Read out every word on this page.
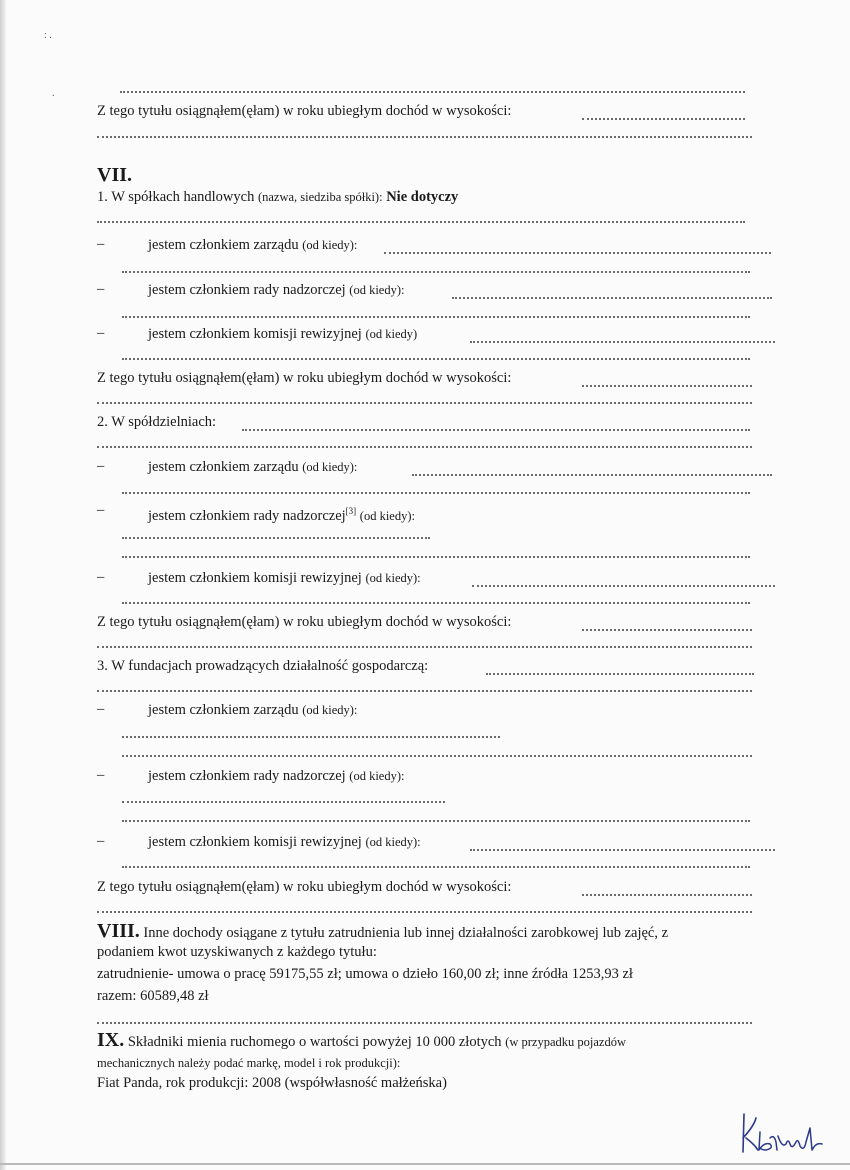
: .
.
Z tego tytułu osiągnąłem(ęłam) w roku ubiegłym dochód w wysokości:
VII.
1. W spółkach handlowych (nazwa, siedziba spółki): Nie dotyczy
–	jestem członkiem zarządu (od kiedy):
–	jestem członkiem rady nadzorczej (od kiedy):
–	jestem członkiem komisji rewizyjnej (od kiedy)
Z tego tytułu osiągnąłem(ęłam) w roku ubiegłym dochód w wysokości:
2. W spółdzielniach:
–	jestem członkiem zarządu (od kiedy):
–	jestem członkiem rady nadzorczej[3] (od kiedy):
–	jestem członkiem komisji rewizyjnej (od kiedy):
Z tego tytułu osiągnąłem(ęłam) w roku ubiegłym dochód w wysokości:
3. W fundacjach prowadzących działalność gospodarczą:
–	jestem członkiem zarządu (od kiedy):
–	jestem członkiem rady nadzorczej (od kiedy):
–	jestem członkiem komisji rewizyjnej (od kiedy):
Z tego tytułu osiągnąłem(ęłam) w roku ubiegłym dochód w wysokości:
VIII. Inne dochody osiągane z tytułu zatrudnienia lub innej działalności zarobkowej lub zajęć, z
podaniem kwot uzyskiwanych z każdego tytułu:
zatrudnienie- umowa o pracę 59175,55 zł; umowa o dzieło 160,00 zł; inne źródła 1253,93 zł
razem: 60589,48 zł
IX. Składniki mienia ruchomego o wartości powyżej 10 000 złotych (w przypadku pojazdów
mechanicznych należy podać markę, model i rok produkcji):
Fiat Panda, rok produkcji: 2008 (współwłasność małżeńska)
